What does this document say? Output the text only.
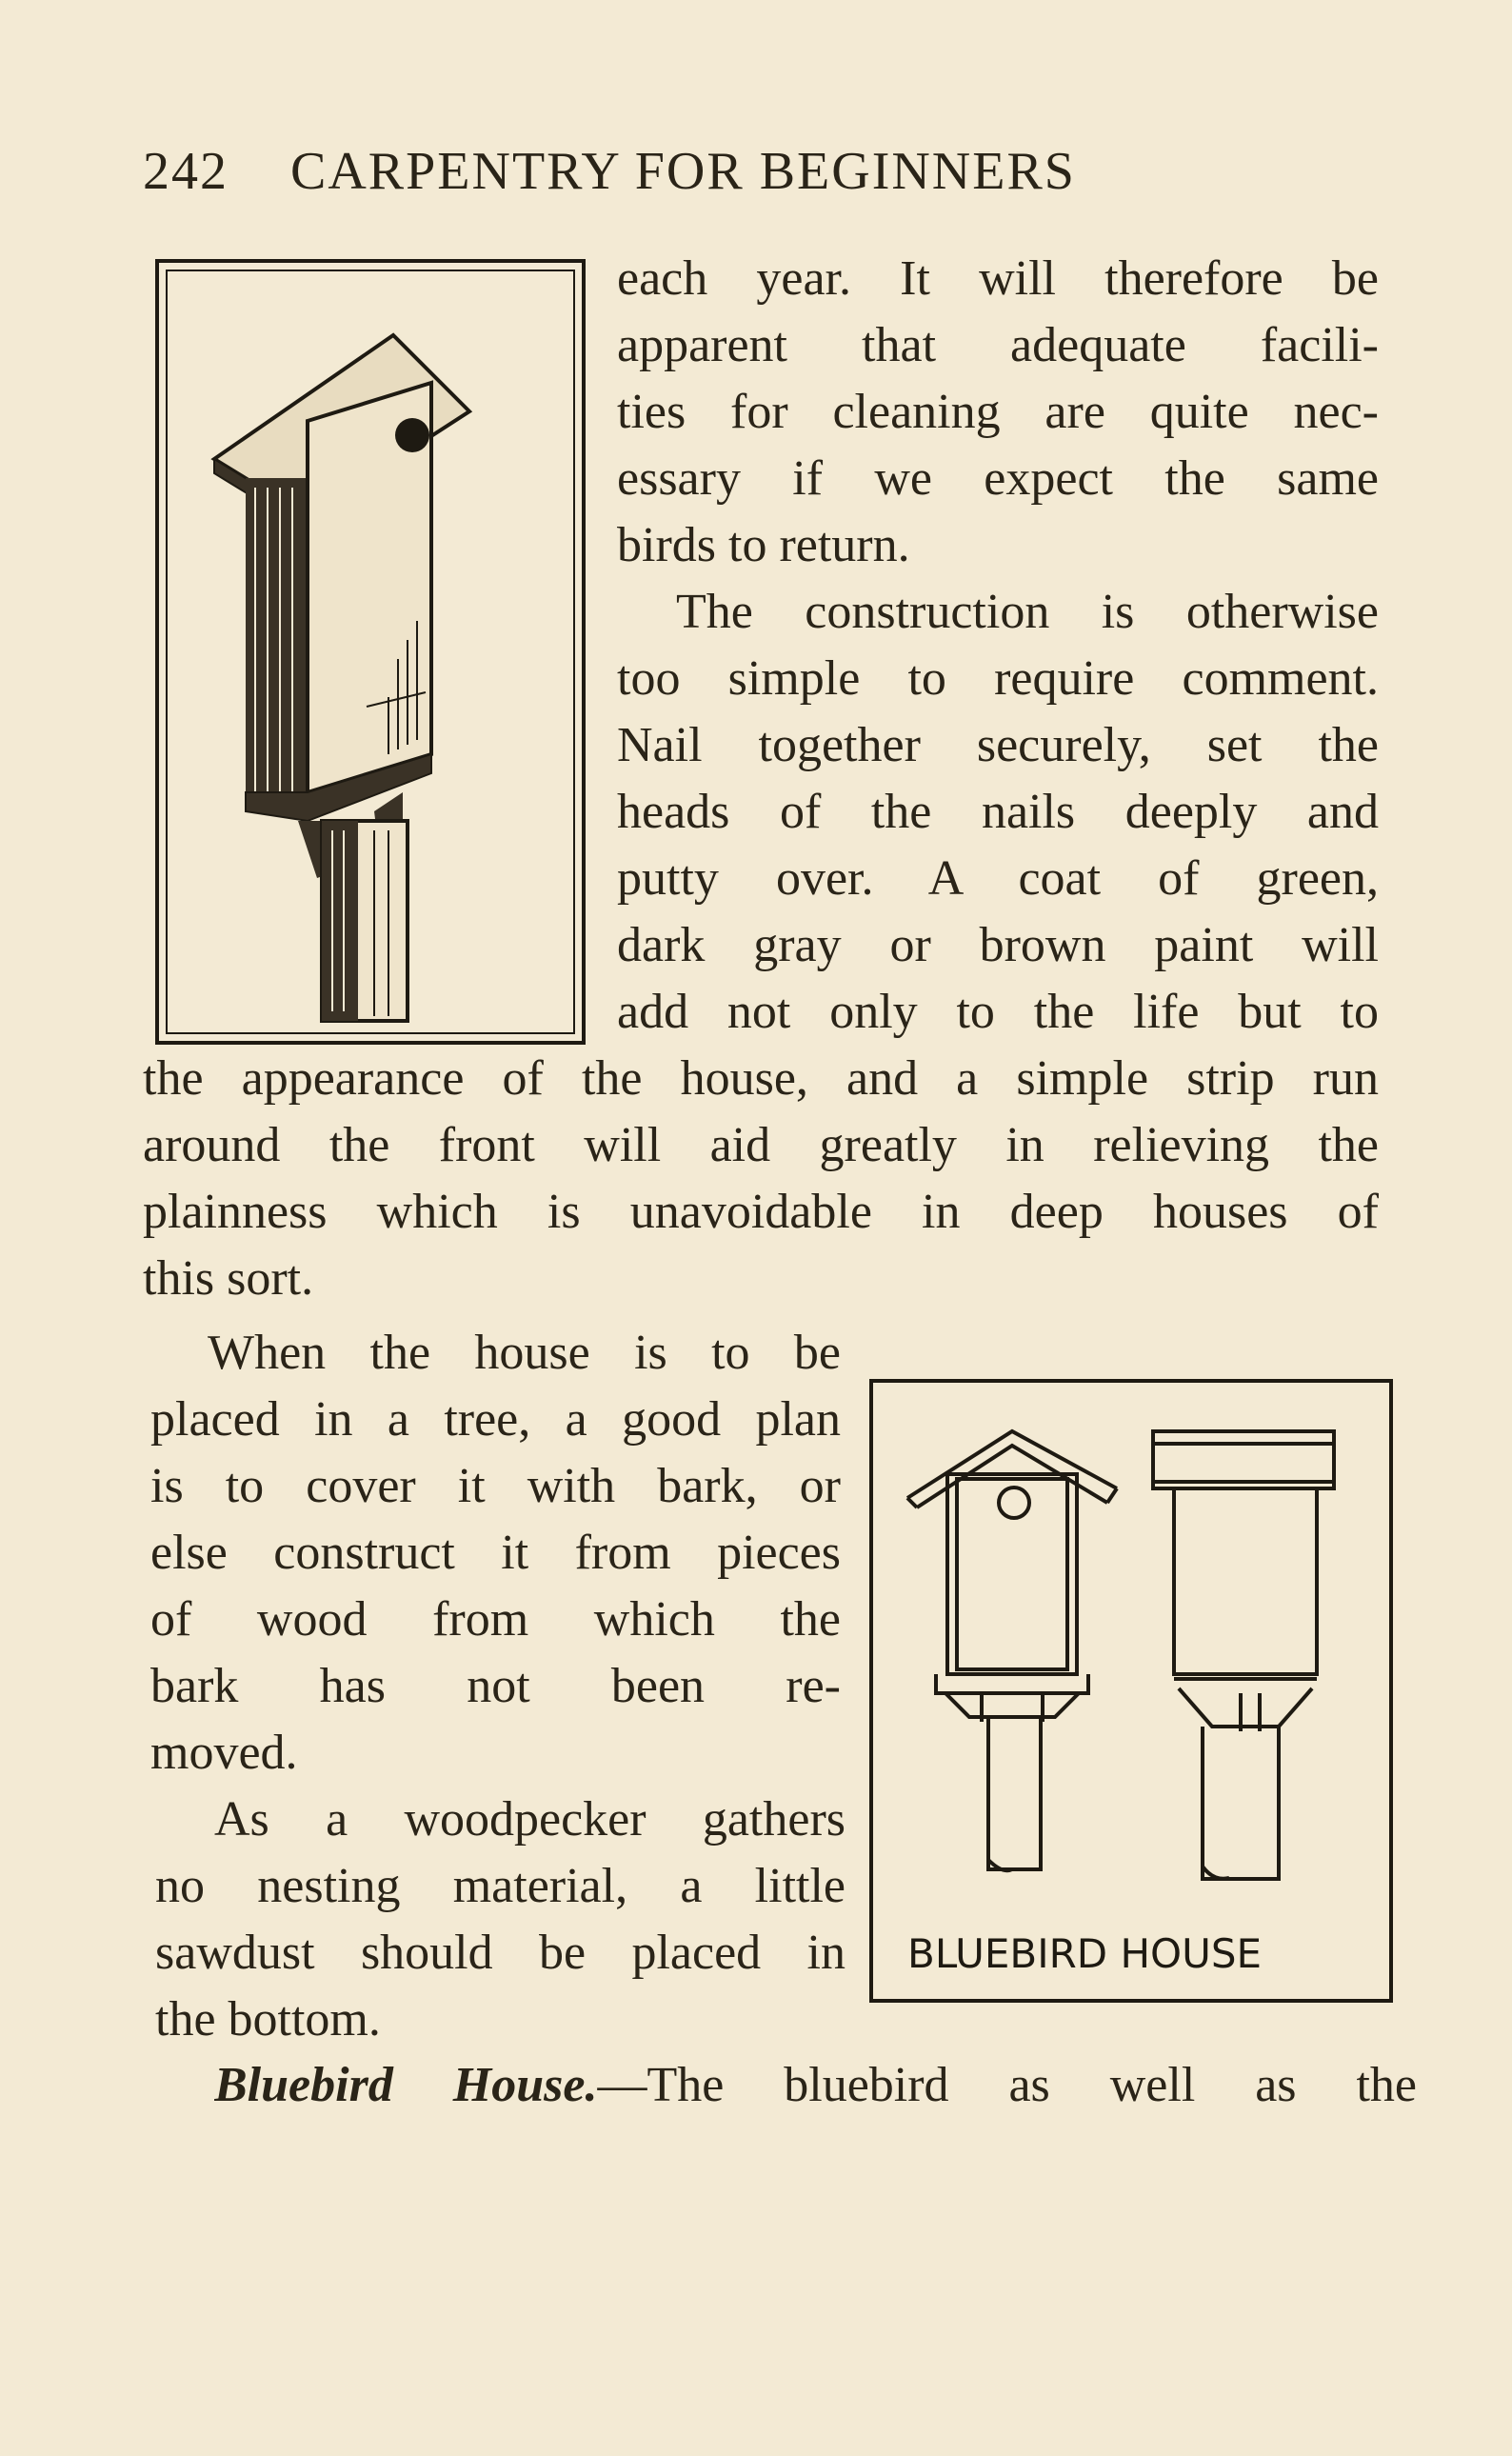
242 CARPENTRY FOR BEGINNERS
each year. It will therefore be
apparent that adequate facili-
ties for cleaning are quite nec-
essary if we expect the same
birds to return.
The construction is otherwise
too simple to require comment.
Nail together securely, set the
heads of the nails deeply and
putty over. A coat of green,
dark gray or brown paint will
add not only to the life but to
the appearance of the house, and a simple strip run
around the front will aid greatly in relieving the
plainness which is unavoidable in deep houses of
this sort.
When the house is to be
placed in a tree, a good plan
is to cover it with bark, or
else construct it from pieces
of wood from which the
bark has not been re-
moved.
As a woodpecker gathers
no nesting material, a little
sawdust should be placed in
the bottom.
BLUEBIRD HOUSE
Bluebird House.—The bluebird as well as the
